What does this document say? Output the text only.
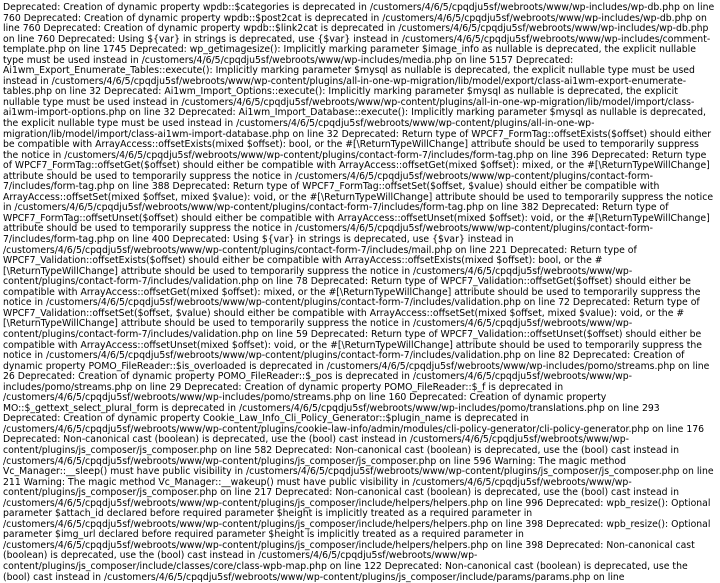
Deprecated: Creation of dynamic property wpdb::$categories is deprecated in /customers/4/6/5/cpqdju5sf/webroots/www/wp-includes/wp-db.php on line 760 Deprecated: Creation of dynamic property wpdb::$post2cat is deprecated in /customers/4/6/5/cpqdju5sf/webroots/www/wp-includes/wp-db.php on line 760 Deprecated: Creation of dynamic property wpdb::$link2cat is deprecated in /customers/4/6/5/cpqdju5sf/webroots/www/wp-includes/wp-db.php on line 760 Deprecated: Using ${var} in strings is deprecated, use {$var} instead in /customers/4/6/5/cpqdju5sf/webroots/www/wp-includes/comment-template.php on line 1745 Deprecated: wp_getimagesize(): Implicitly marking parameter $image_info as nullable is deprecated, the explicit nullable type must be used instead in /customers/4/6/5/cpqdju5sf/webroots/www/wp-includes/media.php on line 5157 Deprecated: Ai1wm_Export_Enumerate_Tables::execute(): Implicitly marking parameter $mysql as nullable is deprecated, the explicit nullable type must be used instead in /customers/4/6/5/cpqdju5sf/webroots/www/wp-content/plugins/all-in-one-wp-migration/lib/model/export/class-ai1wm-export-enumerate-tables.php on line 32 Deprecated: Ai1wm_Import_Options::execute(): Implicitly marking parameter $mysql as nullable is deprecated, the explicit nullable type must be used instead in /customers/4/6/5/cpqdju5sf/webroots/www/wp-content/plugins/all-in-one-wp-migration/lib/model/import/class-ai1wm-import-options.php on line 32 Deprecated: Ai1wm_Import_Database::execute(): Implicitly marking parameter $mysql as nullable is deprecated, the explicit nullable type must be used instead in /customers/4/6/5/cpqdju5sf/webroots/www/wp-content/plugins/all-in-one-wp-migration/lib/model/import/class-ai1wm-import-database.php on line 32 Deprecated: Return type of WPCF7_FormTag::offsetExists($offset) should either be compatible with ArrayAccess::offsetExists(mixed $offset): bool, or the #[\ReturnTypeWillChange] attribute should be used to temporarily suppress the notice in /customers/4/6/5/cpqdju5sf/webroots/www/wp-content/plugins/contact-form-7/includes/form-tag.php on line 396 Deprecated: Return type of WPCF7_FormTag::offsetGet($offset) should either be compatible with ArrayAccess::offsetGet(mixed $offset): mixed, or the #[\ReturnTypeWillChange] attribute should be used to temporarily suppress the notice in /customers/4/6/5/cpqdju5sf/webroots/www/wp-content/plugins/contact-form-7/includes/form-tag.php on line 388 Deprecated: Return type of WPCF7_FormTag::offsetSet($offset, $value) should either be compatible with ArrayAccess::offsetSet(mixed $offset, mixed $value): void, or the #[\ReturnTypeWillChange] attribute should be used to temporarily suppress the notice in /customers/4/6/5/cpqdju5sf/webroots/www/wp-content/plugins/contact-form-7/includes/form-tag.php on line 382 Deprecated: Return type of WPCF7_FormTag::offsetUnset($offset) should either be compatible with ArrayAccess::offsetUnset(mixed $offset): void, or the #[\ReturnTypeWillChange] attribute should be used to temporarily suppress the notice in /customers/4/6/5/cpqdju5sf/webroots/www/wp-content/plugins/contact-form-7/includes/form-tag.php on line 400 Deprecated: Using ${var} in strings is deprecated, use {$var} instead in /customers/4/6/5/cpqdju5sf/webroots/www/wp-content/plugins/contact-form-7/includes/mail.php on line 221 Deprecated: Return type of WPCF7_Validation::offsetExists($offset) should either be compatible with ArrayAccess::offsetExists(mixed $offset): bool, or the #[\ReturnTypeWillChange] attribute should be used to temporarily suppress the notice in /customers/4/6/5/cpqdju5sf/webroots/www/wp-content/plugins/contact-form-7/includes/validation.php on line 78 Deprecated: Return type of WPCF7_Validation::offsetGet($offset) should either be compatible with ArrayAccess::offsetGet(mixed $offset): mixed, or the #[\ReturnTypeWillChange] attribute should be used to temporarily suppress the notice in /customers/4/6/5/cpqdju5sf/webroots/www/wp-content/plugins/contact-form-7/includes/validation.php on line 72 Deprecated: Return type of WPCF7_Validation::offsetSet($offset, $value) should either be compatible with ArrayAccess::offsetSet(mixed $offset, mixed $value): void, or the #[\ReturnTypeWillChange] attribute should be used to temporarily suppress the notice in /customers/4/6/5/cpqdju5sf/webroots/www/wp-content/plugins/contact-form-7/includes/validation.php on line 59 Deprecated: Return type of WPCF7_Validation::offsetUnset($offset) should either be compatible with ArrayAccess::offsetUnset(mixed $offset): void, or the #[\ReturnTypeWillChange] attribute should be used to temporarily suppress the notice in /customers/4/6/5/cpqdju5sf/webroots/www/wp-content/plugins/contact-form-7/includes/validation.php on line 82 Deprecated: Creation of dynamic property POMO_FileReader::$is_overloaded is deprecated in /customers/4/6/5/cpqdju5sf/webroots/www/wp-includes/pomo/streams.php on line 26 Deprecated: Creation of dynamic property POMO_FileReader::$_pos is deprecated in /customers/4/6/5/cpqdju5sf/webroots/www/wp-includes/pomo/streams.php on line 29 Deprecated: Creation of dynamic property POMO_FileReader::$_f is deprecated in /customers/4/6/5/cpqdju5sf/webroots/www/wp-includes/pomo/streams.php on line 160 Deprecated: Creation of dynamic property MO::$_gettext_select_plural_form is deprecated in /customers/4/6/5/cpqdju5sf/webroots/www/wp-includes/pomo/translations.php on line 293 Deprecated: Creation of dynamic property Cookie_Law_Info_Cli_Policy_Generator::$plugin_name is deprecated in /customers/4/6/5/cpqdju5sf/webroots/www/wp-content/plugins/cookie-law-info/admin/modules/cli-policy-generator/cli-policy-generator.php on line 176 Deprecated: Non-canonical cast (boolean) is deprecated, use the (bool) cast instead in /customers/4/6/5/cpqdju5sf/webroots/www/wp-content/plugins/js_composer/js_composer.php on line 582 Deprecated: Non-canonical cast (boolean) is deprecated, use the (bool) cast instead in /customers/4/6/5/cpqdju5sf/webroots/www/wp-content/plugins/js_composer/js_composer.php on line 596 Warning: The magic method Vc_Manager::__sleep() must have public visibility in /customers/4/6/5/cpqdju5sf/webroots/www/wp-content/plugins/js_composer/js_composer.php on line 211 Warning: The magic method Vc_Manager::__wakeup() must have public visibility in /customers/4/6/5/cpqdju5sf/webroots/www/wp-content/plugins/js_composer/js_composer.php on line 217 Deprecated: Non-canonical cast (boolean) is deprecated, use the (bool) cast instead in /customers/4/6/5/cpqdju5sf/webroots/www/wp-content/plugins/js_composer/include/helpers/helpers.php on line 996 Deprecated: wpb_resize(): Optional parameter $attach_id declared before required parameter $height is implicitly treated as a required parameter in /customers/4/6/5/cpqdju5sf/webroots/www/wp-content/plugins/js_composer/include/helpers/helpers.php on line 398 Deprecated: wpb_resize(): Optional parameter $img_url declared before required parameter $height is implicitly treated as a required parameter in /customers/4/6/5/cpqdju5sf/webroots/www/wp-content/plugins/js_composer/include/helpers/helpers.php on line 398 Deprecated: Non-canonical cast (boolean) is deprecated, use the (bool) cast instead in /customers/4/6/5/cpqdju5sf/webroots/www/wp-content/plugins/js_composer/include/classes/core/class-wpb-map.php on line 122 Deprecated: Non-canonical cast (boolean) is deprecated, use the (bool) cast instead in /customers/4/6/5/cpqdju5sf/webroots/www/wp-content/plugins/js_composer/include/params/params.php on line
